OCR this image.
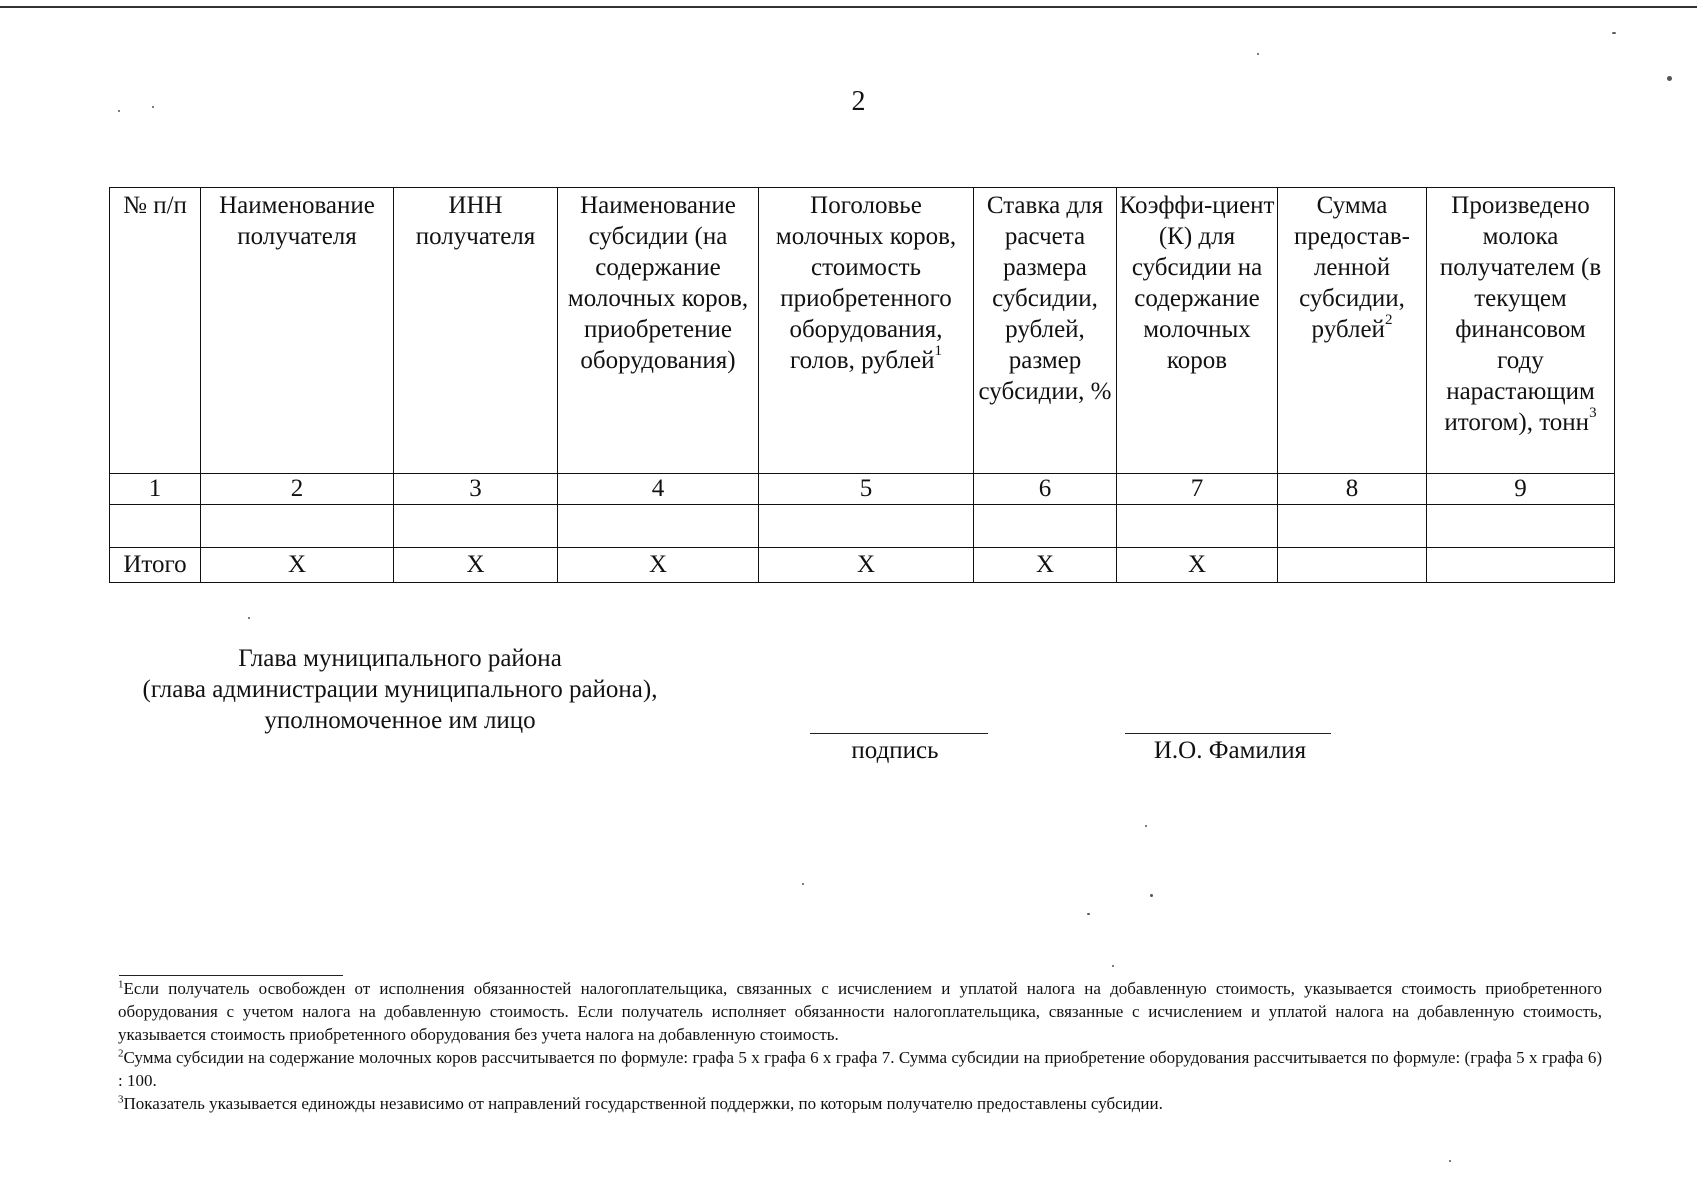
2
№ п/п	Наименование получателя	ИНН получателя	Наименование субсидии (на содержание молочных коров, приобретение оборудования)	Поголовье молочных коров, стоимость приобретенного оборудования, голов, рублей$^1$	Ставка для расчета размера субсидии, рублей, размер субсидии, %	Коэффи-циент (К) для субсидии на содержание молочных коров	Сумма предостав-ленной субсидии, рублей$^2$	Произведено молока получателем (в текущем финансовом году нарастающим итогом), тонн$^3$
1	2	3	4	5	6	7	8	9

Итого	X	X	X	X	X	X		
Глава муниципального района
(глава администрации муниципального района),
уполномоченное им лицо
подпись	И.О. Фамилия

$^1$Если получатель освобожден от исполнения обязанностей налогоплательщика, связанных с исчислением и уплатой налога на добавленную стоимость, указывается стоимость приобретенного оборудования с учетом налога на добавленную стоимость. Если получатель исполняет обязанности налогоплательщика, связанные с исчислением и уплатой налога на добавленную стоимость, указывается стоимость приобретенного оборудования без учета налога на добавленную стоимость.

$^2$Сумма субсидии на содержание молочных коров рассчитывается по формуле: графа 5 х графа 6 х графа 7. Сумма субсидии на приобретение оборудования рассчитывается по формуле: (графа 5 х графа 6) : 100.

$^3$Показатель указывается единожды независимо от направлений государственной поддержки, по которым получателю предоставлены субсидии.
